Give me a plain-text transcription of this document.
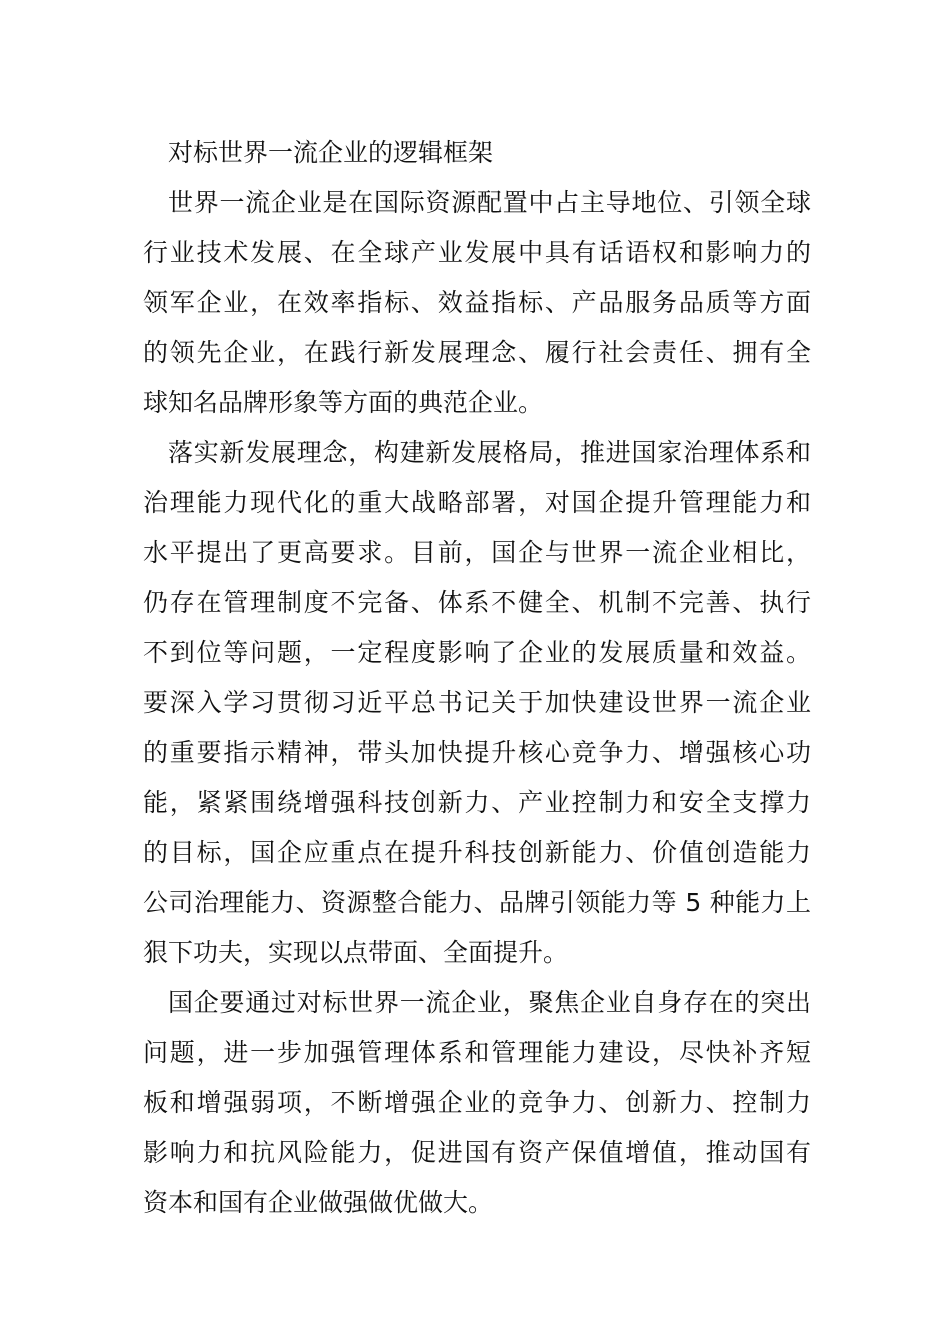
对标世界一流企业的逻辑框架
世界一流企业是在国际资源配置中占主导地位、引领全球
行业技术发展、在全球产业发展中具有话语权和影响力的
领军企业，在效率指标、效益指标、产品服务品质等方面
的领先企业，在践行新发展理念、履行社会责任、拥有全
球知名品牌形象等方面的典范企业。
落实新发展理念，构建新发展格局，推进国家治理体系和
治理能力现代化的重大战略部署，对国企提升管理能力和
水平提出了更高要求。目前，国企与世界一流企业相比，
仍存在管理制度不完备、体系不健全、机制不完善、执行
不到位等问题，一定程度影响了企业的发展质量和效益。
要深入学习贯彻习近平总书记关于加快建设世界一流企业
的重要指示精神，带头加快提升核心竞争力、增强核心功
能，紧紧围绕增强科技创新力、产业控制力和安全支撑力
的目标，国企应重点在提升科技创新能力、价值创造能力
公司治理能力、资源整合能力、品牌引领能力等 5 种能力上
狠下功夫，实现以点带面、全面提升。
国企要通过对标世界一流企业，聚焦企业自身存在的突出
问题，进一步加强管理体系和管理能力建设，尽快补齐短
板和增强弱项，不断增强企业的竞争力、创新力、控制力
影响力和抗风险能力，促进国有资产保值增值，推动国有
资本和国有企业做强做优做大。
